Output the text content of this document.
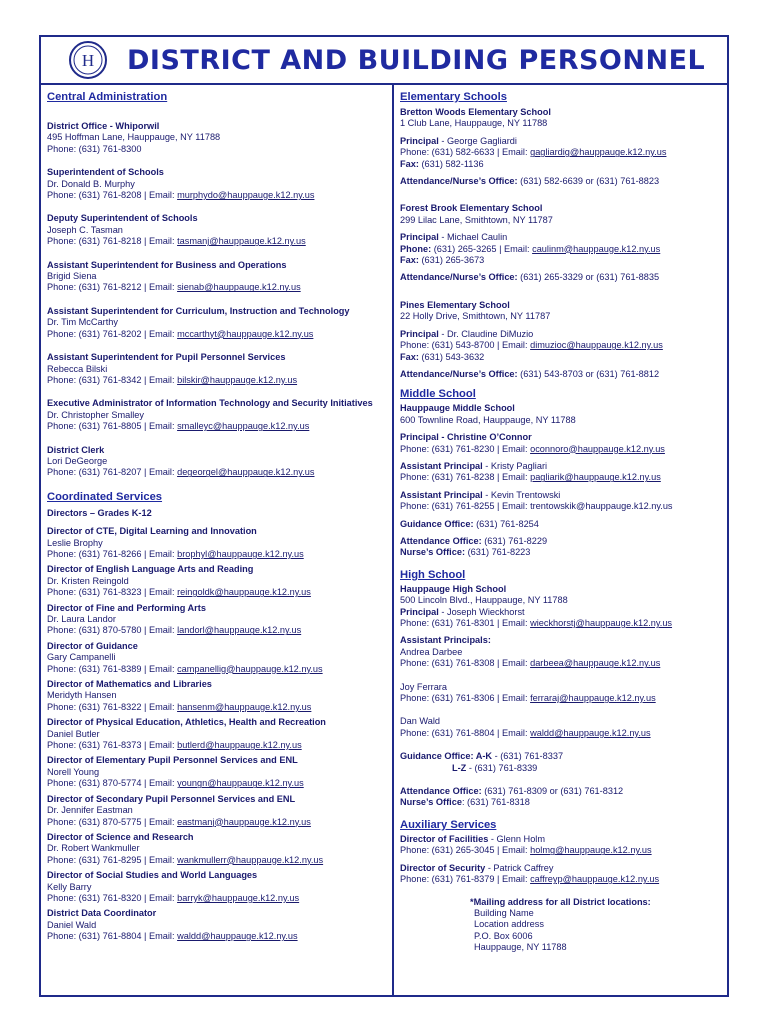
H DISTRICT AND BUILDING PERSONNEL
Central Administration
District Office - Whiporwil
495 Hoffman Lane, Hauppauge, NY 11788
Phone: (631) 761-8300
Superintendent of Schools
Dr. Donald B. Murphy
Phone: (631) 761-8208 | Email: murphydo@hauppauge.k12.ny.us
Deputy Superintendent of Schools
Joseph C. Tasman
Phone: (631) 761-8218 | Email: tasmanj@hauppauge.k12.ny.us
Assistant Superintendent for Business and Operations
Brigid Siena
Phone: (631) 761-8212 | Email: sienab@hauppauge.k12.ny.us
Assistant Superintendent for Curriculum, Instruction and Technology
Dr. Tim McCarthy
Phone: (631) 761-8202 | Email: mccarthyt@hauppauge.k12.ny.us
Assistant Superintendent for Pupil Personnel Services
Rebecca Bilski
Phone: (631) 761-8342 | Email: bilskir@hauppauge.k12.ny.us
Executive Administrator of Information Technology and Security Initiatives
Dr. Christopher Smalley
Phone: (631) 761-8805 | Email: smalleyc@hauppauge.k12.ny.us
District Clerk
Lori DeGeorge
Phone: (631) 761-8207 | Email: degeorgel@hauppauge.k12.ny.us
Coordinated Services
Directors – Grades K-12
Director of CTE, Digital Learning and Innovation
Leslie Brophy
Phone: (631) 761-8266 | Email: brophyl@hauppauge.k12.ny.us
Director of English Language Arts and Reading
Dr. Kristen Reingold
Phone: (631) 761-8323 | Email: reingoldk@hauppauge.k12.ny.us
Director of Fine and Performing Arts
Dr. Laura Landor
Phone: (631) 870-5780 | Email: landorl@hauppauge.k12.ny.us
Director of Guidance
Gary Campanelli
Phone: (631) 761-8389 | Email: campanellig@hauppauge.k12.ny.us
Director of Mathematics and Libraries
Meridyth Hansen
Phone: (631) 761-8322 | Email: hansenm@hauppauge.k12.ny.us
Director of Physical Education, Athletics, Health and Recreation
Daniel Butler
Phone: (631) 761-8373 | Email: butlerd@hauppauge.k12.ny.us
Director of Elementary Pupil Personnel Services and ENL
Norell Young
Phone: (631) 870-5774 | Email: youngn@hauppauge.k12.ny.us
Director of Secondary Pupil Personnel Services and ENL
Dr. Jennifer Eastman
Phone: (631) 870-5775 | Email: eastmanj@hauppauge.k12.ny.us
Director of Science and Research
Dr. Robert Wankmuller
Phone: (631) 761-8295 | Email: wankmullerr@hauppauge.k12.ny.us
Director of Social Studies and World Languages
Kelly Barry
Phone: (631) 761-8320 | Email: barryk@hauppauge.k12.ny.us
District Data Coordinator
Daniel Wald
Phone: (631) 761-8804 | Email: waldd@hauppauge.k12.ny.us
Elementary Schools
Bretton Woods Elementary School
1 Club Lane, Hauppauge, NY 11788
Principal - George Gagliardi
Phone: (631) 582-6633 | Email: gagliardig@hauppauge.k12.ny.us
Fax: (631) 582-1136
Attendance/Nurse’s Office: (631) 582-6639 or (631) 761-8823
Forest Brook Elementary School
299 Lilac Lane, Smithtown, NY 11787
Principal - Michael Caulin
Phone: (631) 265-3265 | Email: caulinm@hauppauge.k12.ny.us
Fax: (631) 265-3673
Attendance/Nurse’s Office: (631) 265-3329 or (631) 761-8835
Pines Elementary School
22 Holly Drive, Smithtown, NY 11787
Principal - Dr. Claudine DiMuzio
Phone: (631) 543-8700 | Email: dimuzioc@hauppauge.k12.ny.us
Fax: (631) 543-3632
Attendance/Nurse’s Office: (631) 543-8703 or (631) 761-8812
Middle School
Hauppauge Middle School
600 Townline Road, Hauppauge, NY 11788
Principal - Christine O’Connor
Phone: (631) 761-8230 | Email: oconnoro@hauppauge.k12.ny.us
Assistant Principal - Kristy Pagliari
Phone: (631) 761-8238 | Email: pagliarik@hauppauge.k12.ny.us
Assistant Principal - Kevin Trentowski
Phone: (631) 761-8255 | Email: trentowskik@hauppauge.k12.ny.us
Guidance Office: (631) 761-8254
Attendance Office: (631) 761-8229
Nurse’s Office: (631) 761-8223
High School
Hauppauge High School
500 Lincoln Blvd., Hauppauge, NY 11788
Principal - Joseph Wieckhorst
Phone: (631) 761-8301 | Email: wieckhorstj@hauppauge.k12.ny.us
Assistant Principals:
Andrea Darbee
Phone: (631) 761-8308 | Email: darbeea@hauppauge.k12.ny.us
Joy Ferrara
Phone: (631) 761-8306 | Email: ferraraj@hauppauge.k12.ny.us
Dan Wald
Phone: (631) 761-8804 | Email: waldd@hauppauge.k12.ny.us
Guidance Office: A-K - (631) 761-8337
L-Z - (631) 761-8339
Attendance Office: (631) 761-8309 or (631) 761-8312
Nurse’s Office: (631) 761-8318
Auxiliary Services
Director of Facilities - Glenn Holm
Phone: (631) 265-3045 | Email: holmg@hauppauge.k12.ny.us
Director of Security - Patrick Caffrey
Phone: (631) 761-8379 | Email: caffreyp@hauppauge.k12.ny.us
*Mailing address for all District locations:
Building Name
Location address
P.O. Box 6006
Hauppauge, NY 11788
